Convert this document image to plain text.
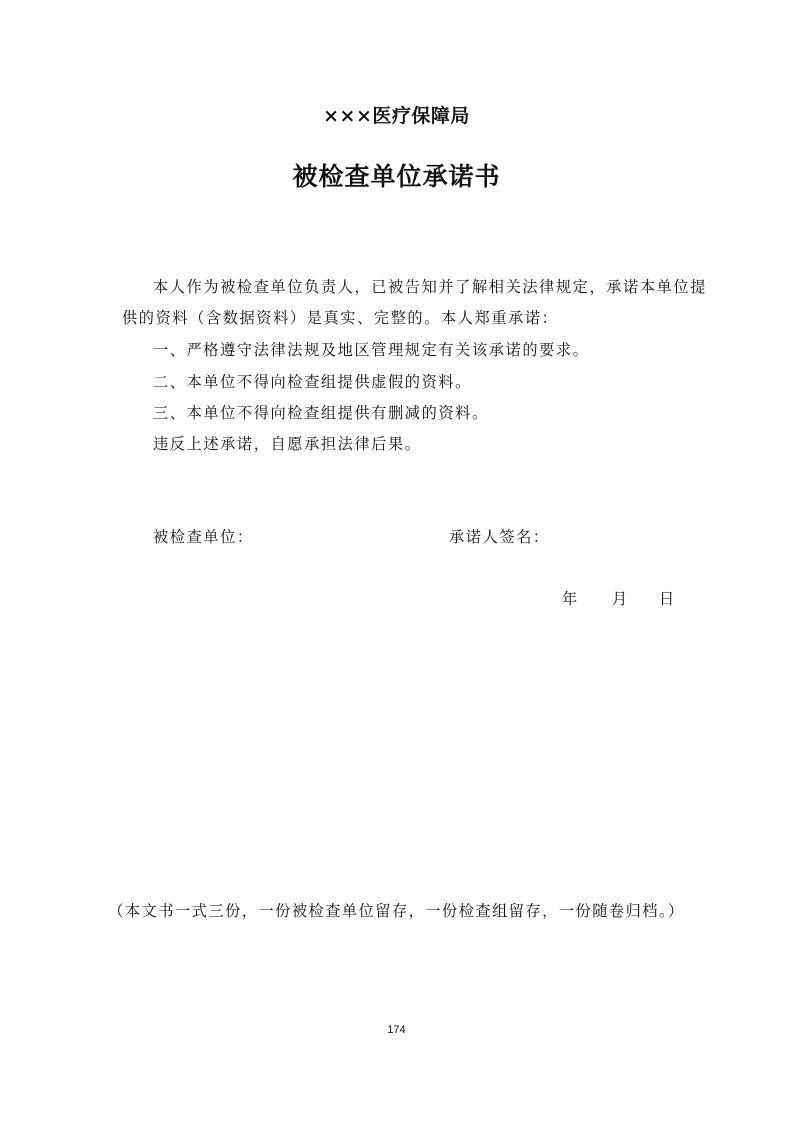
×××医疗保障局
被检查单位承诺书
本人作为被检查单位负责人，已被告知并了解相关法律规定，承诺本单位提
供的资料（含数据资料）是真实、完整的。本人郑重承诺：
一、严格遵守法律法规及地区管理规定有关该承诺的要求。
二、本单位不得向检查组提供虚假的资料。
三、本单位不得向检查组提供有删减的资料。
违反上述承诺，自愿承担法律后果。
被检查单位：	承诺人签名：
年 月 日
（本文书一式三份，一份被检查单位留存，一份检查组留存，一份随卷归档。）
174
